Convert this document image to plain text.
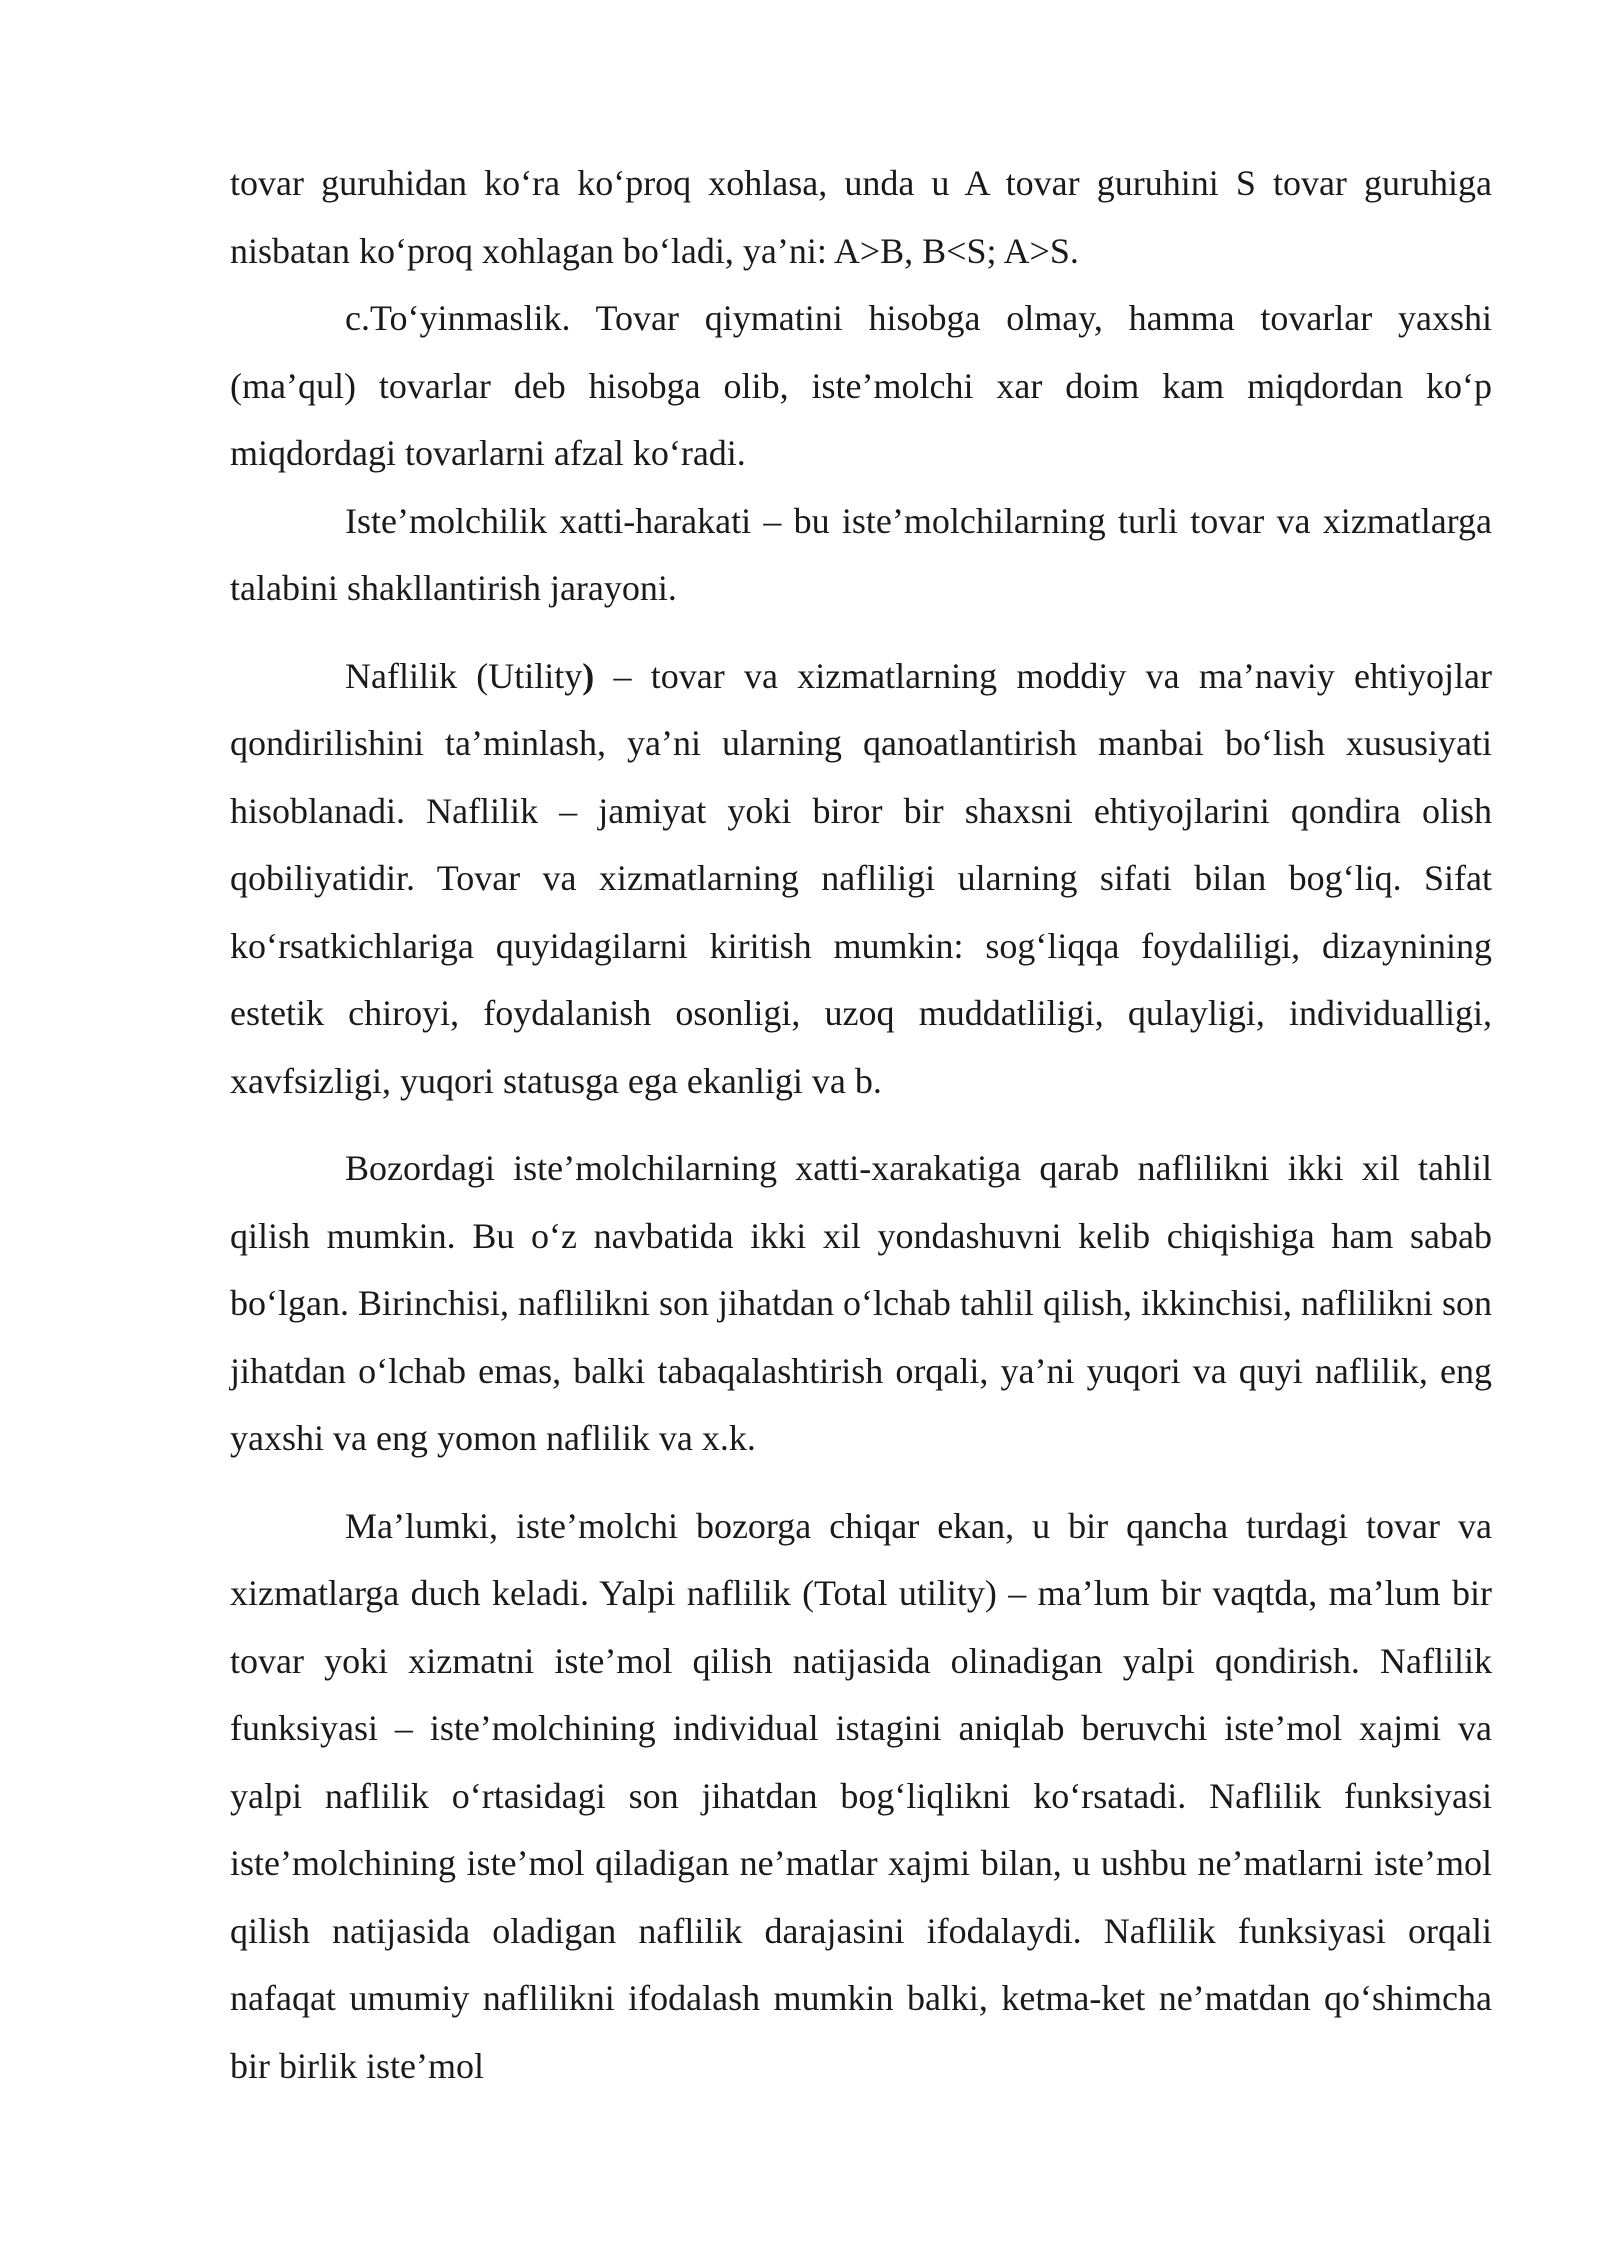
tovar guruhidan ko‘ra ko‘proq xohlasa, unda u A tovar guruhini S tovar guruhiga nisbatan ko‘proq xohlagan bo‘ladi, ya’ni: A>B, B<S; A>S.

c.To‘yinmaslik. Tovar qiymatini hisobga olmay, hamma tovarlar yaxshi (ma’qul) tovarlar deb hisobga olib, iste’molchi xar doim kam miqdordan ko‘p miqdordagi tovarlarni afzal ko‘radi.

Iste’molchilik xatti-harakati – bu iste’molchilarning turli tovar va xizmatlarga talabini shakllantirish jarayoni.

Naflilik (Utility) – tovar va xizmatlarning moddiy va ma’naviy ehtiyojlar qondirilishini ta’minlash, ya’ni ularning qanoatlantirish manbai bo‘lish xususiyati hisoblanadi. Naflilik – jamiyat yoki biror bir shaxsni ehtiyojlarini qondira olish qobiliyatidir. Tovar va xizmatlarning nafliligi ularning sifati bilan bog‘liq. Sifat ko‘rsatkichlariga quyidagilarni kiritish mumkin: sog‘liqqa foydaliligi, dizaynining estetik chiroyi, foydalanish osonligi, uzoq muddatliligi, qulayligi, individualligi, xavfsizligi, yuqori statusga ega ekanligi va b.

Bozordagi iste’molchilarning xatti-xarakatiga qarab naflilikni ikki xil tahlil qilish mumkin. Bu o‘z navbatida ikki xil yondashuvni kelib chiqishiga ham sabab bo‘lgan. Birinchisi, naflilikni son jihatdan o‘lchab tahlil qilish, ikkinchisi, naflilikni son jihatdan o‘lchab emas, balki tabaqalashtirish orqali, ya’ni yuqori va quyi naflilik, eng yaxshi va eng yomon naflilik va x.k.

Ma’lumki, iste’molchi bozorga chiqar ekan, u bir qancha turdagi tovar va xizmatlarga duch keladi. Yalpi naflilik (Total utility) – ma’lum bir vaqtda, ma’lum bir tovar yoki xizmatni iste’mol qilish natijasida olinadigan yalpi qondirish. Naflilik funksiyasi – iste’molchining individual istagini aniqlab beruvchi iste’mol xajmi va yalpi naflilik o‘rtasidagi son jihatdan bog‘liqlikni ko‘rsatadi. Naflilik funksiyasi iste’molchining iste’mol qiladigan ne’matlar xajmi bilan, u ushbu ne’matlarni iste’mol qilish natijasida oladigan naflilik darajasini ifodalaydi. Naflilik funksiyasi orqali nafaqat umumiy naflilikni ifodalash mumkin balki, ketma-ket ne’matdan qo‘shimcha bir birlik iste’mol
